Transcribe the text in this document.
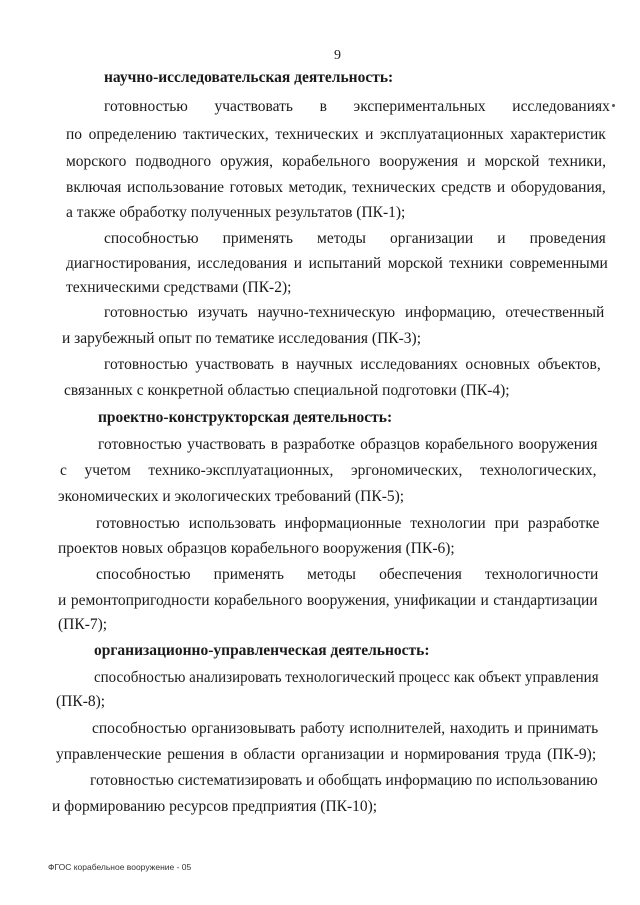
9
научно-исследовательская деятельность:
готовностью участвовать в экспериментальных исследованиях
по определению тактических, технических и эксплуатационных характеристик
морского подводного оружия, корабельного вооружения и морской техники,
включая использование готовых методик, технических средств и оборудования,
а также обработку полученных результатов (ПК-1);
способностью применять методы организации и проведения
диагностирования, исследования и испытаний морской техники современными
техническими средствами (ПК-2);
готовностью изучать научно-техническую информацию, отечественный
и зарубежный опыт по тематике исследования (ПК-3);
готовностью участвовать в научных исследованиях основных объектов,
связанных с конкретной областью специальной подготовки (ПК-4);
проектно-конструкторская деятельность:
готовностью участвовать в разработке образцов корабельного вооружения
с учетом технико-эксплуатационных, эргономических, технологических,
экономических и экологических требований (ПК-5);
готовностью использовать информационные технологии при разработке
проектов новых образцов корабельного вооружения (ПК-6);
способностью применять методы обеспечения технологичности
и ремонтопригодности корабельного вооружения, унификации и стандартизации
(ПК-7);
организационно-управленческая деятельность:
способностью анализировать технологический процесс как объект управления
(ПК-8);
способностью организовывать работу исполнителей, находить и принимать
управленческие решения в области организации и нормирования труда (ПК-9);
готовностью систематизировать и обобщать информацию по использованию
и формированию ресурсов предприятия (ПК-10);
ФГОС корабельное вооружение - 05
